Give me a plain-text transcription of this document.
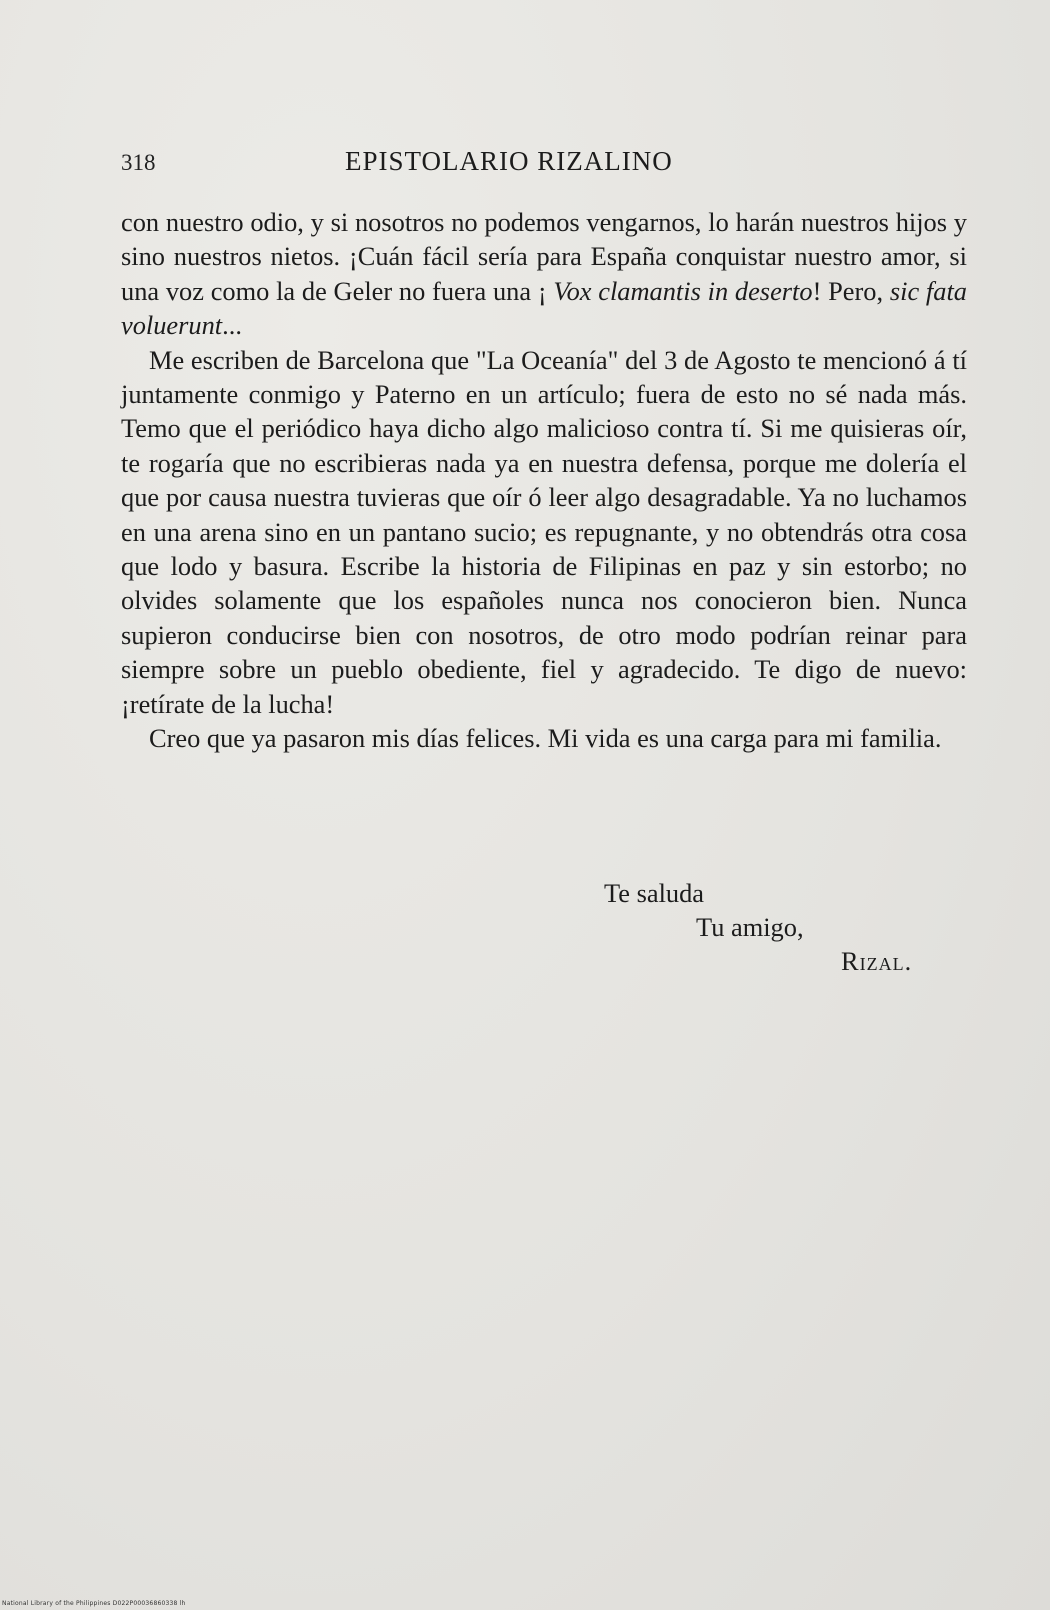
318	EPISTOLARIO RIZALINO

con nuestro odio, y si nosotros no podemos vengarnos, lo harán nuestros hijos y sino nuestros nietos. ¡Cuán fácil sería para España conquistar nuestro amor, si una voz como la de Geler no fuera una ¡ Vox clamantis in deserto! Pero, sic fata voluerunt...

Me escriben de Barcelona que "La Oceanía" del 3 de Agosto te mencionó á tí juntamente conmigo y Paterno en un artículo; fuera de esto no sé nada más. Temo que el periódico haya dicho algo malicioso contra tí. Si me quisieras oír, te rogaría que no escribieras nada ya en nuestra defensa, porque me dolería el que por causa nuestra tuvieras que oír ó leer algo desagradable. Ya no luchamos en una arena sino en un pantano sucio; es repugnante, y no obtendrás otra cosa que lodo y basura. Escribe la historia de Filipinas en paz y sin estorbo; no olvides solamente que los españoles nunca nos conocieron bien. Nunca supieron conducirse bien con nosotros, de otro modo podrían reinar para siempre sobre un pueblo obediente, fiel y agradecido. Te digo de nuevo: ¡retírate de la lucha!

Creo que ya pasaron mis días felices. Mi vida es una carga para mi familia.

Te saluda
Tu amigo,
Rizal.
National Library of the Philippines D022P00036860338 lh
